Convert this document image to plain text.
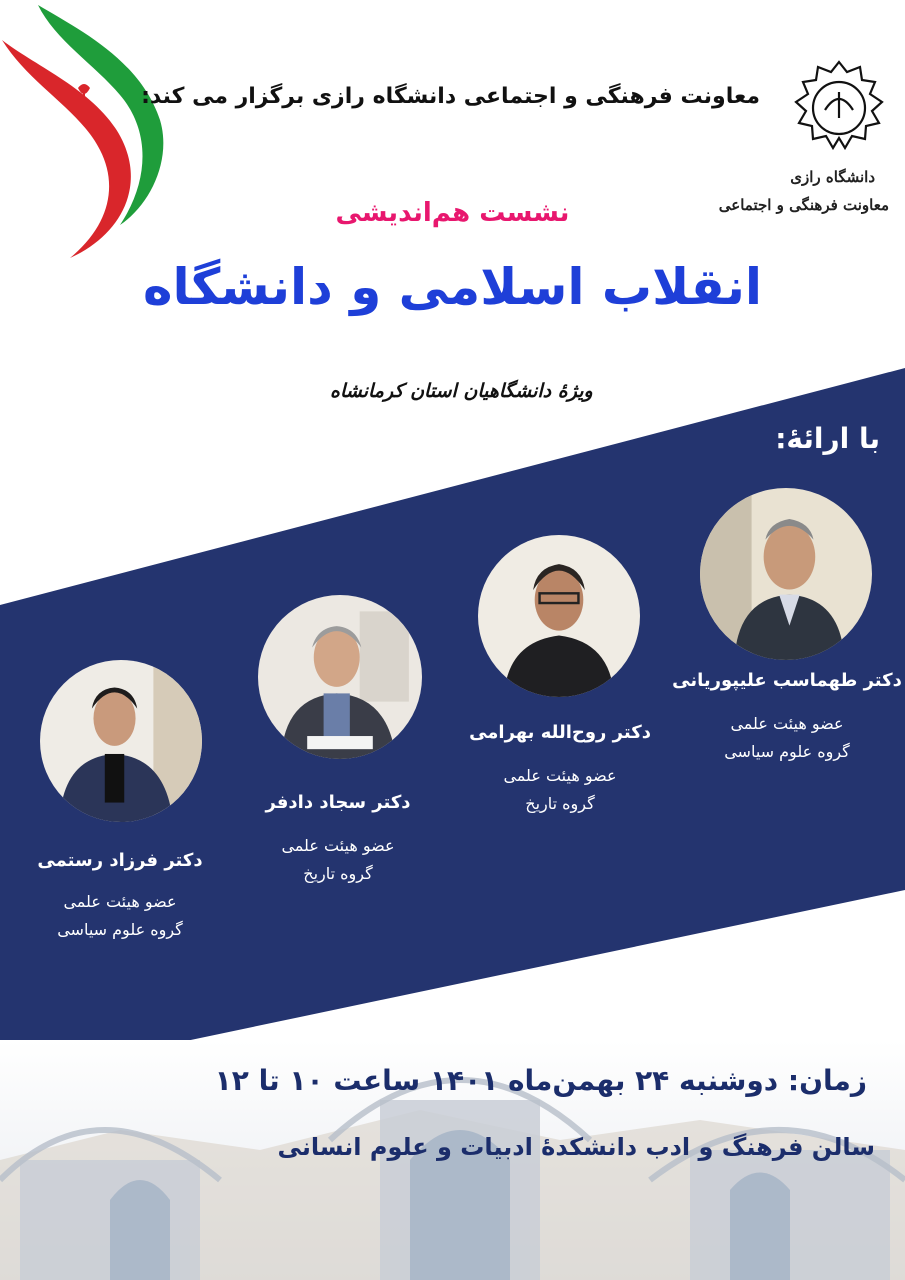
معاونت فرهنگی و اجتماعی دانشگاه رازی برگزار می کند:
دانشگاه رازی
معاونت فرهنگی و اجتماعی
نشست هم‌اندیشی
انقلاب اسلامی و دانشگاه
ویژهٔ دانشگاهیان استان کرمانشاه
با ارائهٔ:
دکتر طهماسب علیپوریانی
عضو هیئت علمی
گروه علوم سیاسی
دکتر روح‌الله بهرامی
عضو هیئت علمی
گروه تاریخ
دکتر سجاد دادفر
عضو هیئت علمی
گروه تاریخ
دکتر فرزاد رستمی
عضو هیئت علمی
گروه علوم سیاسی
زمان: دوشنبه ۲۴ بهمن‌ماه ۱۴۰۱ ساعت ۱۰ تا ۱۲
سالن فرهنگ و ادب دانشکدهٔ ادبیات و علوم انسانی
